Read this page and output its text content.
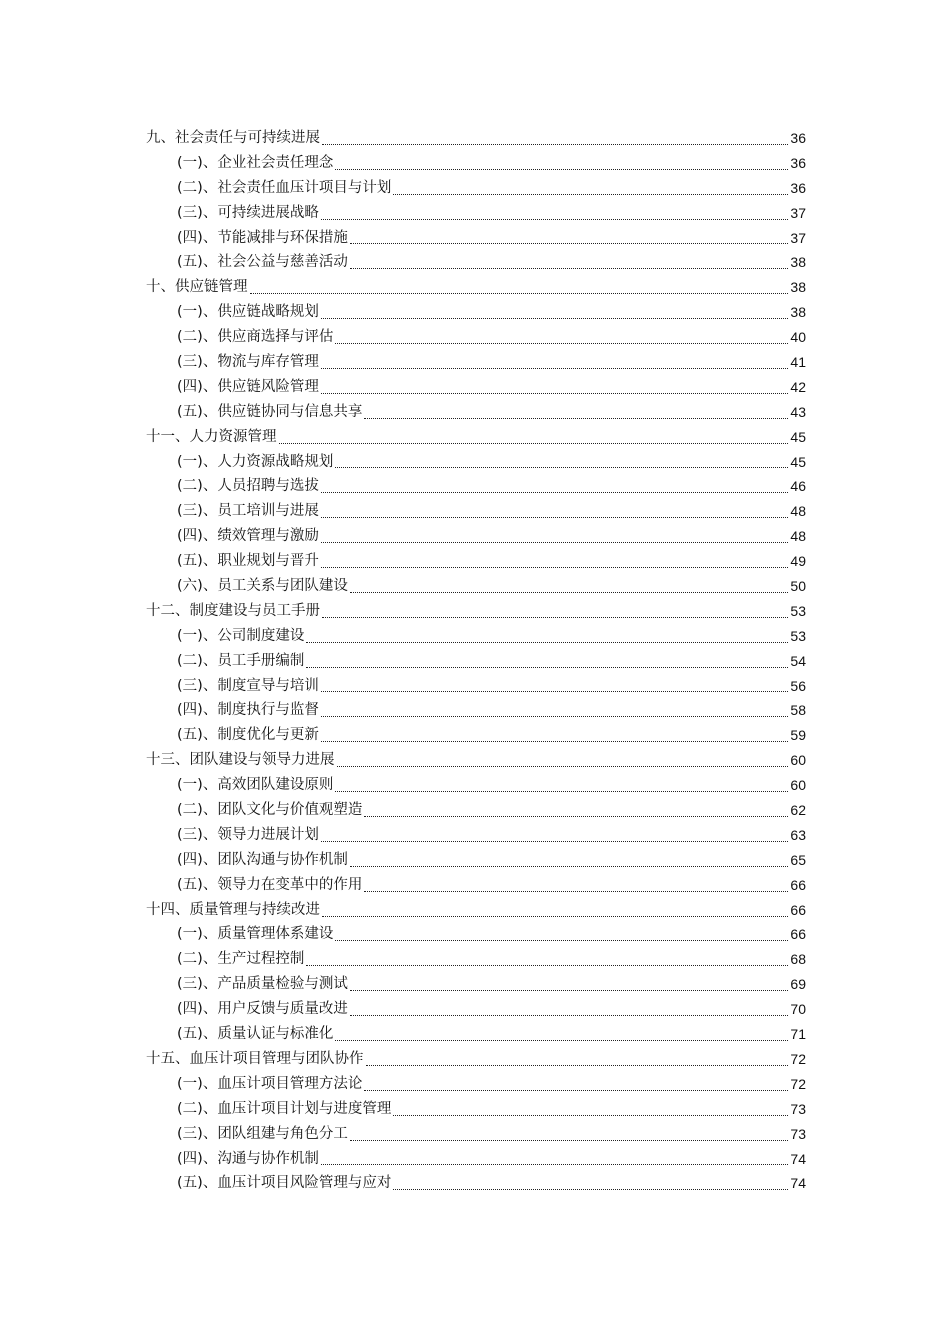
九、社会责任与可持续进展	36
(一)、企业社会责任理念	36
(二)、社会责任血压计项目与计划	36
(三)、可持续进展战略	37
(四)、节能减排与环保措施	37
(五)、社会公益与慈善活动	38
十、供应链管理	38
(一)、供应链战略规划	38
(二)、供应商选择与评估	40
(三)、物流与库存管理	41
(四)、供应链风险管理	42
(五)、供应链协同与信息共享	43
十一、人力资源管理	45
(一)、人力资源战略规划	45
(二)、人员招聘与选拔	46
(三)、员工培训与进展	48
(四)、绩效管理与激励	48
(五)、职业规划与晋升	49
(六)、员工关系与团队建设	50
十二、制度建设与员工手册	53
(一)、公司制度建设	53
(二)、员工手册编制	54
(三)、制度宣导与培训	56
(四)、制度执行与监督	58
(五)、制度优化与更新	59
十三、团队建设与领导力进展	60
(一)、高效团队建设原则	60
(二)、团队文化与价值观塑造	62
(三)、领导力进展计划	63
(四)、团队沟通与协作机制	65
(五)、领导力在变革中的作用	66
十四、质量管理与持续改进	66
(一)、质量管理体系建设	66
(二)、生产过程控制	68
(三)、产品质量检验与测试	69
(四)、用户反馈与质量改进	70
(五)、质量认证与标准化	71
十五、血压计项目管理与团队协作	72
(一)、血压计项目管理方法论	72
(二)、血压计项目计划与进度管理	73
(三)、团队组建与角色分工	73
(四)、沟通与协作机制	74
(五)、血压计项目风险管理与应对	74
